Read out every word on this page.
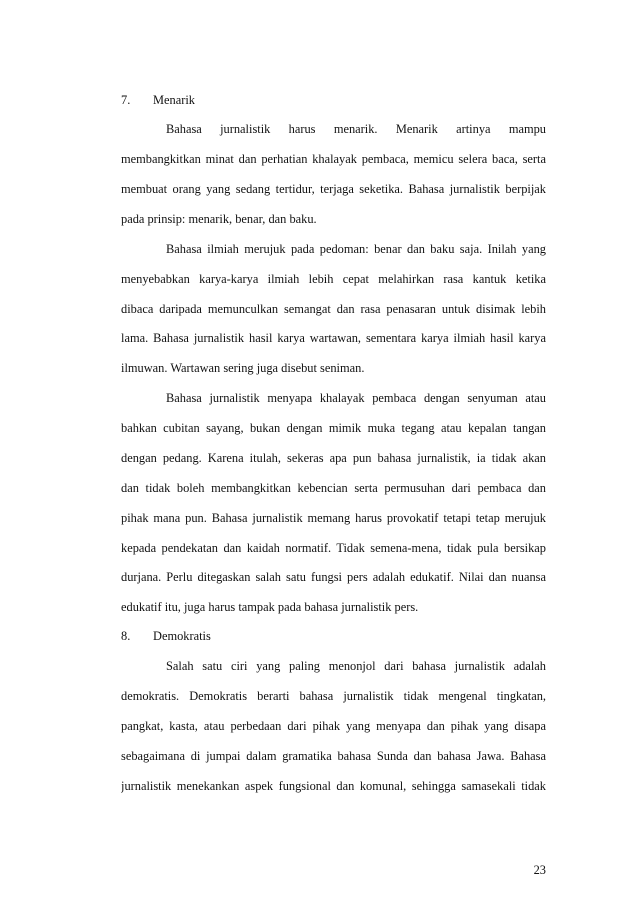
7. Menarik
Bahasa jurnalistik harus menarik. Menarik artinya mampu
membangkitkan minat dan perhatian khalayak pembaca, memicu selera baca, serta
membuat orang yang sedang tertidur, terjaga seketika. Bahasa jurnalistik berpijak
pada prinsip: menarik, benar, dan baku.
Bahasa ilmiah merujuk pada pedoman: benar dan baku saja. Inilah yang
menyebabkan karya-karya ilmiah lebih cepat melahirkan rasa kantuk ketika
dibaca daripada memunculkan semangat dan rasa penasaran untuk disimak lebih
lama. Bahasa jurnalistik hasil karya wartawan, sementara karya ilmiah hasil karya
ilmuwan. Wartawan sering juga disebut seniman.
Bahasa jurnalistik menyapa khalayak pembaca dengan senyuman atau
bahkan cubitan sayang, bukan dengan mimik muka tegang atau kepalan tangan
dengan pedang. Karena itulah, sekeras apa pun bahasa jurnalistik, ia tidak akan
dan tidak boleh membangkitkan kebencian serta permusuhan dari pembaca dan
pihak mana pun. Bahasa jurnalistik memang harus provokatif tetapi tetap merujuk
kepada pendekatan dan kaidah normatif. Tidak semena-mena, tidak pula bersikap
durjana. Perlu ditegaskan salah satu fungsi pers adalah edukatif. Nilai dan nuansa
edukatif itu, juga harus tampak pada bahasa jurnalistik pers.
8. Demokratis
Salah satu ciri yang paling menonjol dari bahasa jurnalistik adalah
demokratis. Demokratis berarti bahasa jurnalistik tidak mengenal tingkatan,
pangkat, kasta, atau perbedaan dari pihak yang menyapa dan pihak yang disapa
sebagaimana di jumpai dalam gramatika bahasa Sunda dan bahasa Jawa. Bahasa
jurnalistik menekankan aspek fungsional dan komunal, sehingga samasekali tidak
23
